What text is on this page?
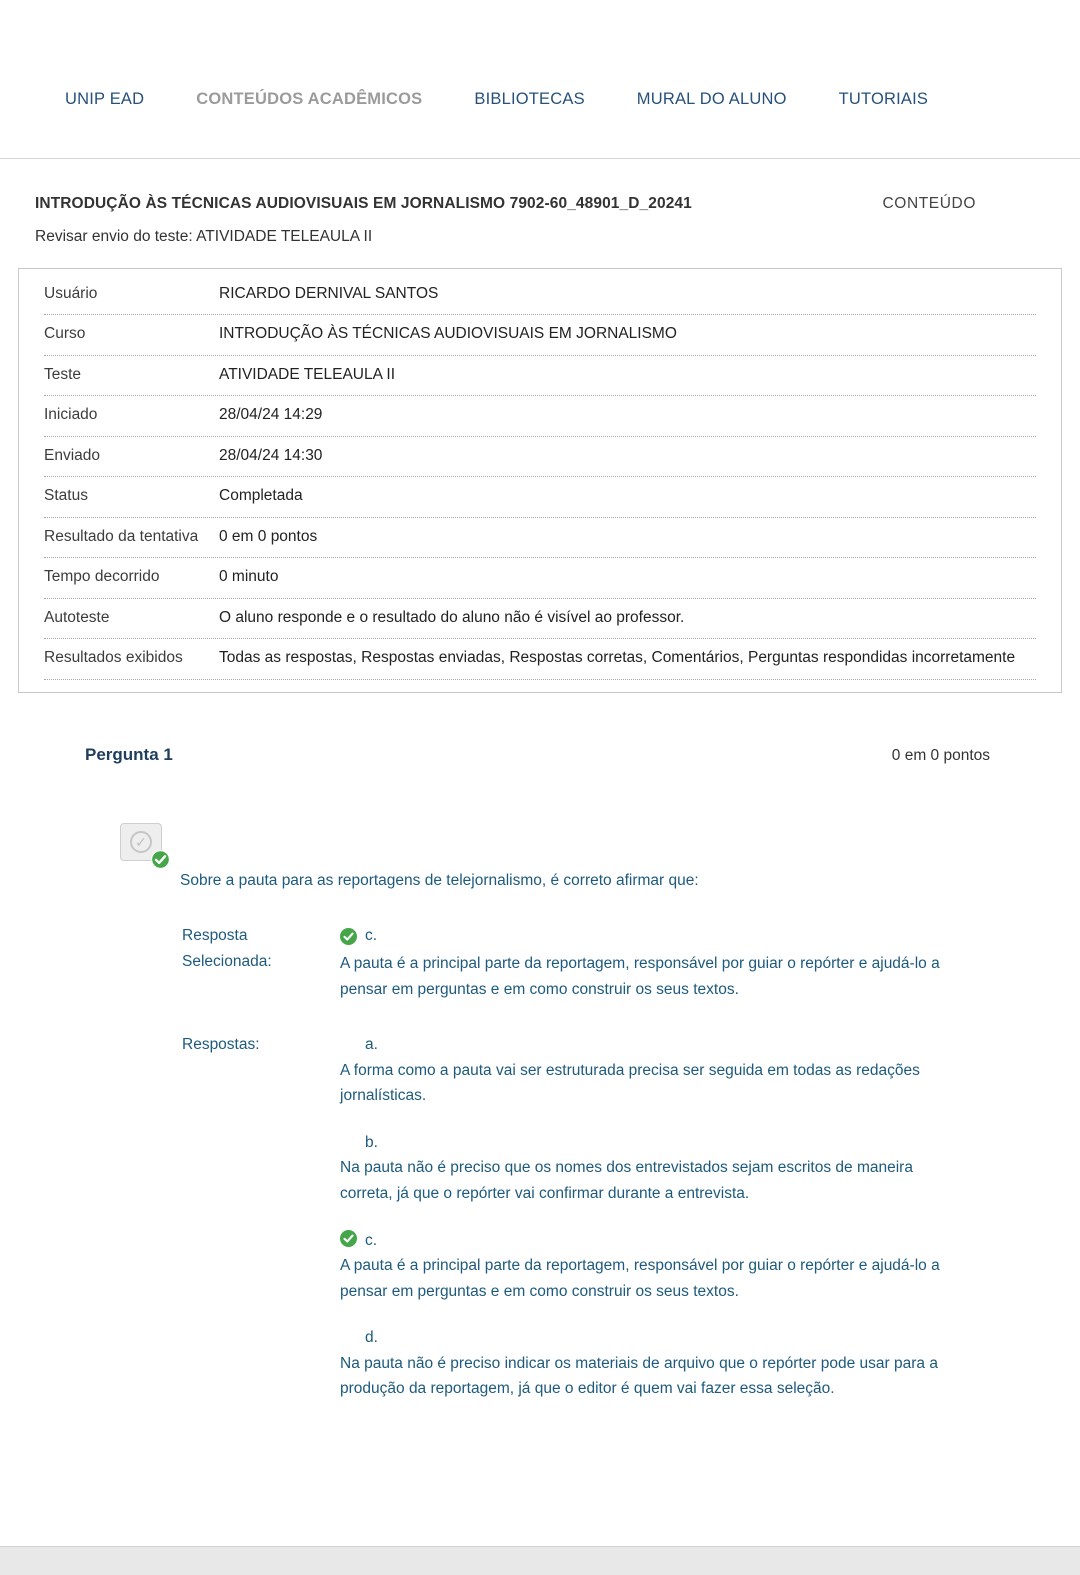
UNIP EAD	CONTEÚDOS ACADÊMICOS	BIBLIOTECAS	MURAL DO ALUNO	TUTORIAIS
INTRODUÇÃO ÀS TÉCNICAS AUDIOVISUAIS EM JORNALISMO 7902-60_48901_D_20241	CONTEÚDO
Revisar envio do teste: ATIVIDADE TELEAULA II
Usuário	RICARDO DERNIVAL SANTOS
Curso	INTRODUÇÃO ÀS TÉCNICAS AUDIOVISUAIS EM JORNALISMO
Teste	ATIVIDADE TELEAULA II
Iniciado	28/04/24 14:29
Enviado	28/04/24 14:30
Status	Completada
Resultado da tentativa	0 em 0 pontos
Tempo decorrido	0 minuto
Autoteste	O aluno responde e o resultado do aluno não é visível ao professor.
Resultados exibidos	Todas as respostas, Respostas enviadas, Respostas corretas, Comentários, Perguntas respondidas incorretamente
Pergunta 1	0 em 0 pontos
✓

Sobre a pauta para as reportagens de telejornalismo, é correto afirmar que:

Resposta Selecionada:
c.
A pauta é a principal parte da reportagem, responsável por guiar o repórter e ajudá-lo a pensar em perguntas e em como construir os seus textos.
Respostas:	a.
A forma como a pauta vai ser estruturada precisa ser seguida em todas as redações jornalísticas.
b.
Na pauta não é preciso que os nomes dos entrevistados sejam escritos de maneira correta, já que o repórter vai confirmar durante a entrevista.
c.
A pauta é a principal parte da reportagem, responsável por guiar o repórter e ajudá-lo a pensar em perguntas e em como construir os seus textos.
d.
Na pauta não é preciso indicar os materiais de arquivo que o repórter pode usar para a produção da reportagem, já que o editor é quem vai fazer essa seleção.
